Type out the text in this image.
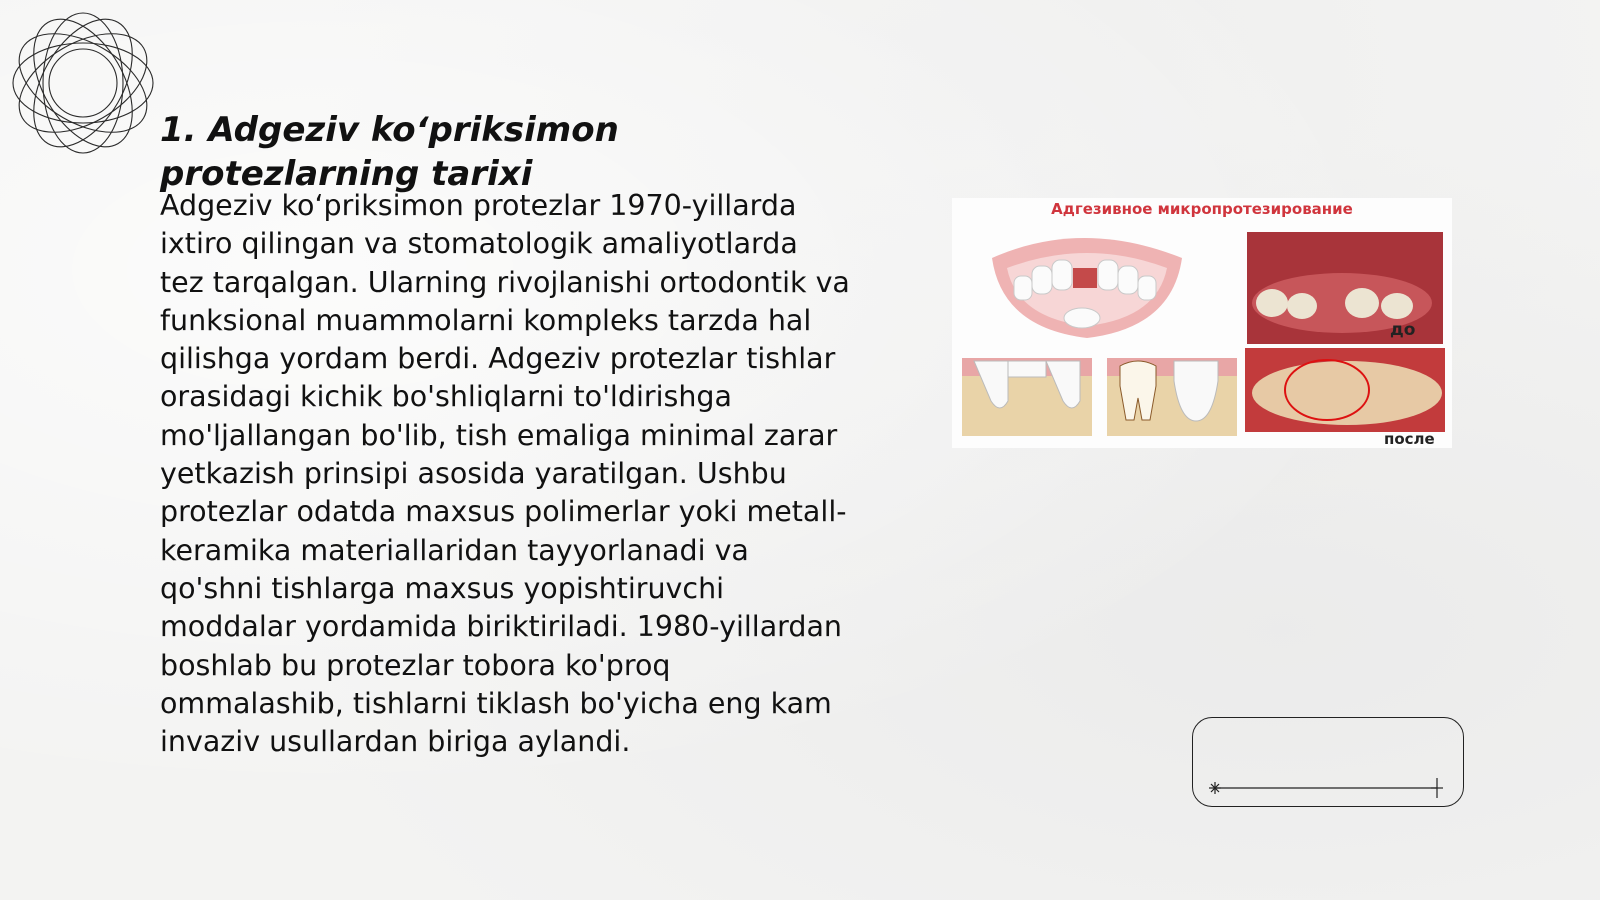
1. Adgeziv ko‘priksimon protezlarning tarixi

Adgeziv ko‘priksimon protezlar 1970-yillarda ixtiro qilingan va stomatologik amaliyotlarda tez tarqalgan. Ularning rivojlanishi ortodontik va funksional muammolarni kompleks tarzda hal qilishga yordam berdi. Adgeziv protezlar tishlar orasidagi kichik bo'shliqlarni to'ldirishga mo'ljallangan bo'lib, tish emaliga minimal zarar yetkazish prinsipi asosida yaratilgan. Ushbu protezlar odatda maxsus polimerlar yoki metall-keramika materiallaridan tayyorlanadi va qo'shni tishlarga maxsus yopishtiruvchi moddalar yordamida biriktiriladi. 1980-yillardan boshlab bu protezlar tobora ko'proq ommalashib, tishlarni tiklash bo'yicha eng kam invaziv usullardan biriga aylandi.

Адгезивное микропротезирование
до
после
